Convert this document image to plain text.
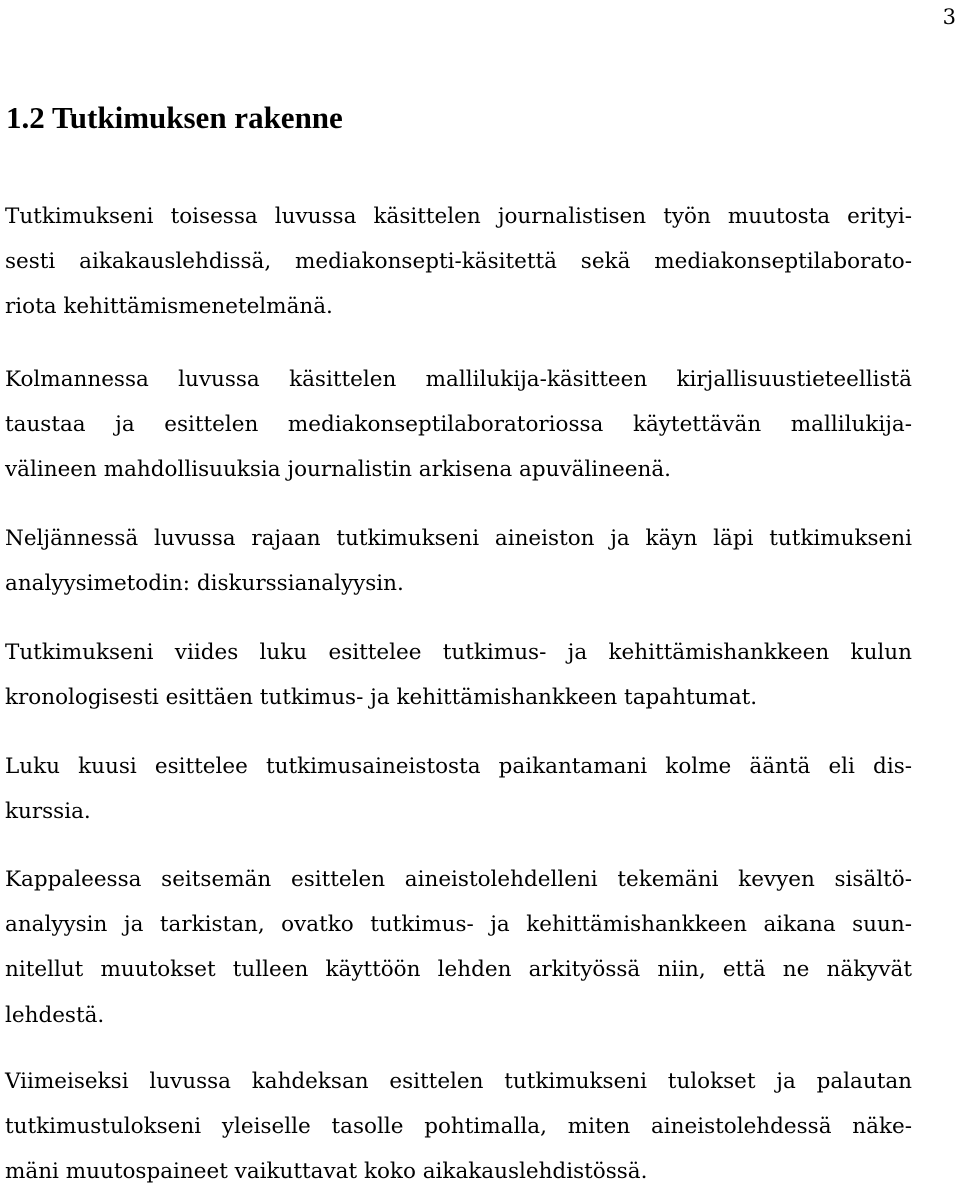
3
1.2 Tutkimuksen rakenne
Tutkimukseni toisessa luvussa käsittelen journalistisen työn muutosta erityi-
sesti aikakauslehdissä, mediakonsepti-käsitettä sekä mediakonseptilaborato-
riota kehittämismenetelmänä.
Kolmannessa luvussa käsittelen mallilukija-käsitteen kirjallisuustieteellistä
taustaa ja esittelen mediakonseptilaboratoriossa käytettävän mallilukija-
välineen mahdollisuuksia journalistin arkisena apuvälineenä.
Neljännessä luvussa rajaan tutkimukseni aineiston ja käyn läpi tutkimukseni
analyysimetodin: diskurssianalyysin.
Tutkimukseni viides luku esittelee tutkimus- ja kehittämishankkeen kulun
kronologisesti esittäen tutkimus- ja kehittämishankkeen tapahtumat.
Luku kuusi esittelee tutkimusaineistosta paikantamani kolme ääntä eli dis-
kurssia.
Kappaleessa seitsemän esittelen aineistolehdelleni tekemäni kevyen sisältö-
analyysin ja tarkistan, ovatko tutkimus- ja kehittämishankkeen aikana suun-
nitellut muutokset tulleen käyttöön lehden arkityössä niin, että ne näkyvät
lehdestä.
Viimeiseksi luvussa kahdeksan esittelen tutkimukseni tulokset ja palautan
tutkimustulokseni yleiselle tasolle pohtimalla, miten aineistolehdessä näke-
mäni muutospaineet vaikuttavat koko aikakauslehdistössä.
